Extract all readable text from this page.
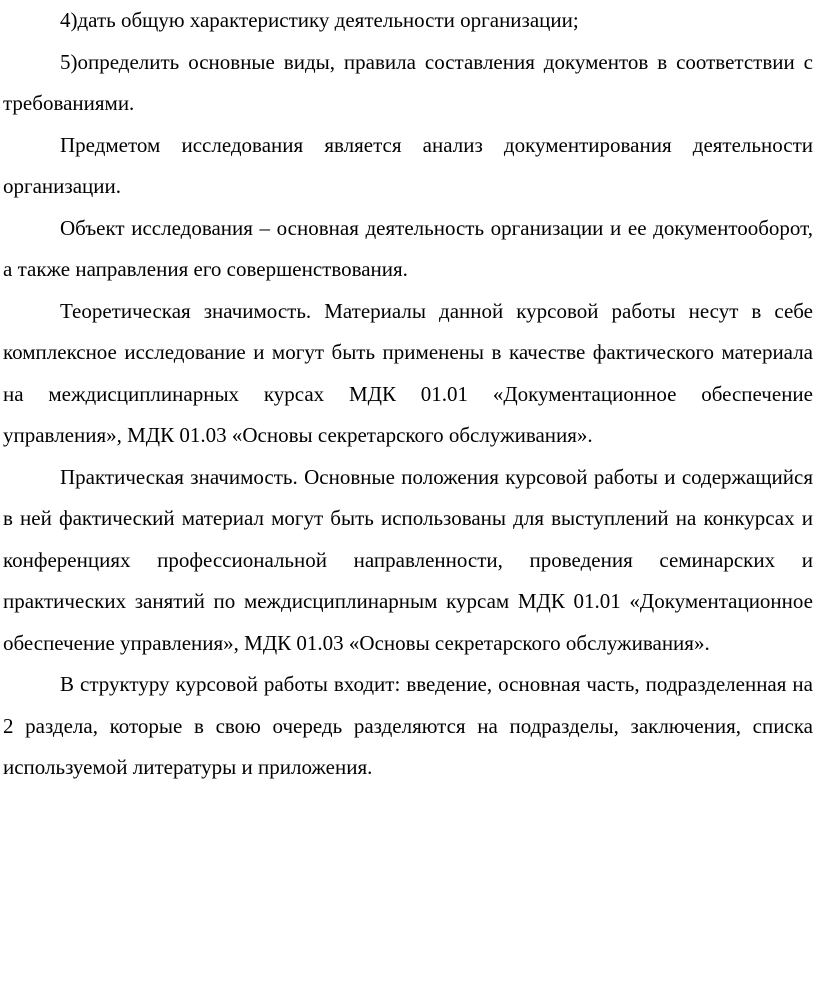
4)дать общую характеристику деятельности организации;

5)определить основные виды, правила составления документов в соответствии с требованиями.

Предметом исследования является анализ документирования деятельности организации.

Объект исследования – основная деятельность организации и ее документооборот, а также направления его совершенствования.

Теоретическая значимость. Материалы данной курсовой работы несут в себе комплексное исследование и могут быть применены в качестве фактического материала на междисциплинарных курсах МДК 01.01 «Документационное обеспечение управления», МДК 01.03 «Основы секретарского обслуживания».

Практическая значимость. Основные положения курсовой работы и содержащийся в ней фактический материал могут быть использованы для выступлений на конкурсах и конференциях профессиональной направленности, проведения семинарских и практических занятий по междисциплинарным курсам МДК 01.01 «Документационное обеспечение управления», МДК 01.03 «Основы секретарского обслуживания».

В структуру курсовой работы входит: введение, основная часть, подразделенная на 2 раздела, которые в свою очередь разделяются на подразделы, заключения, списка используемой литературы и приложения.
